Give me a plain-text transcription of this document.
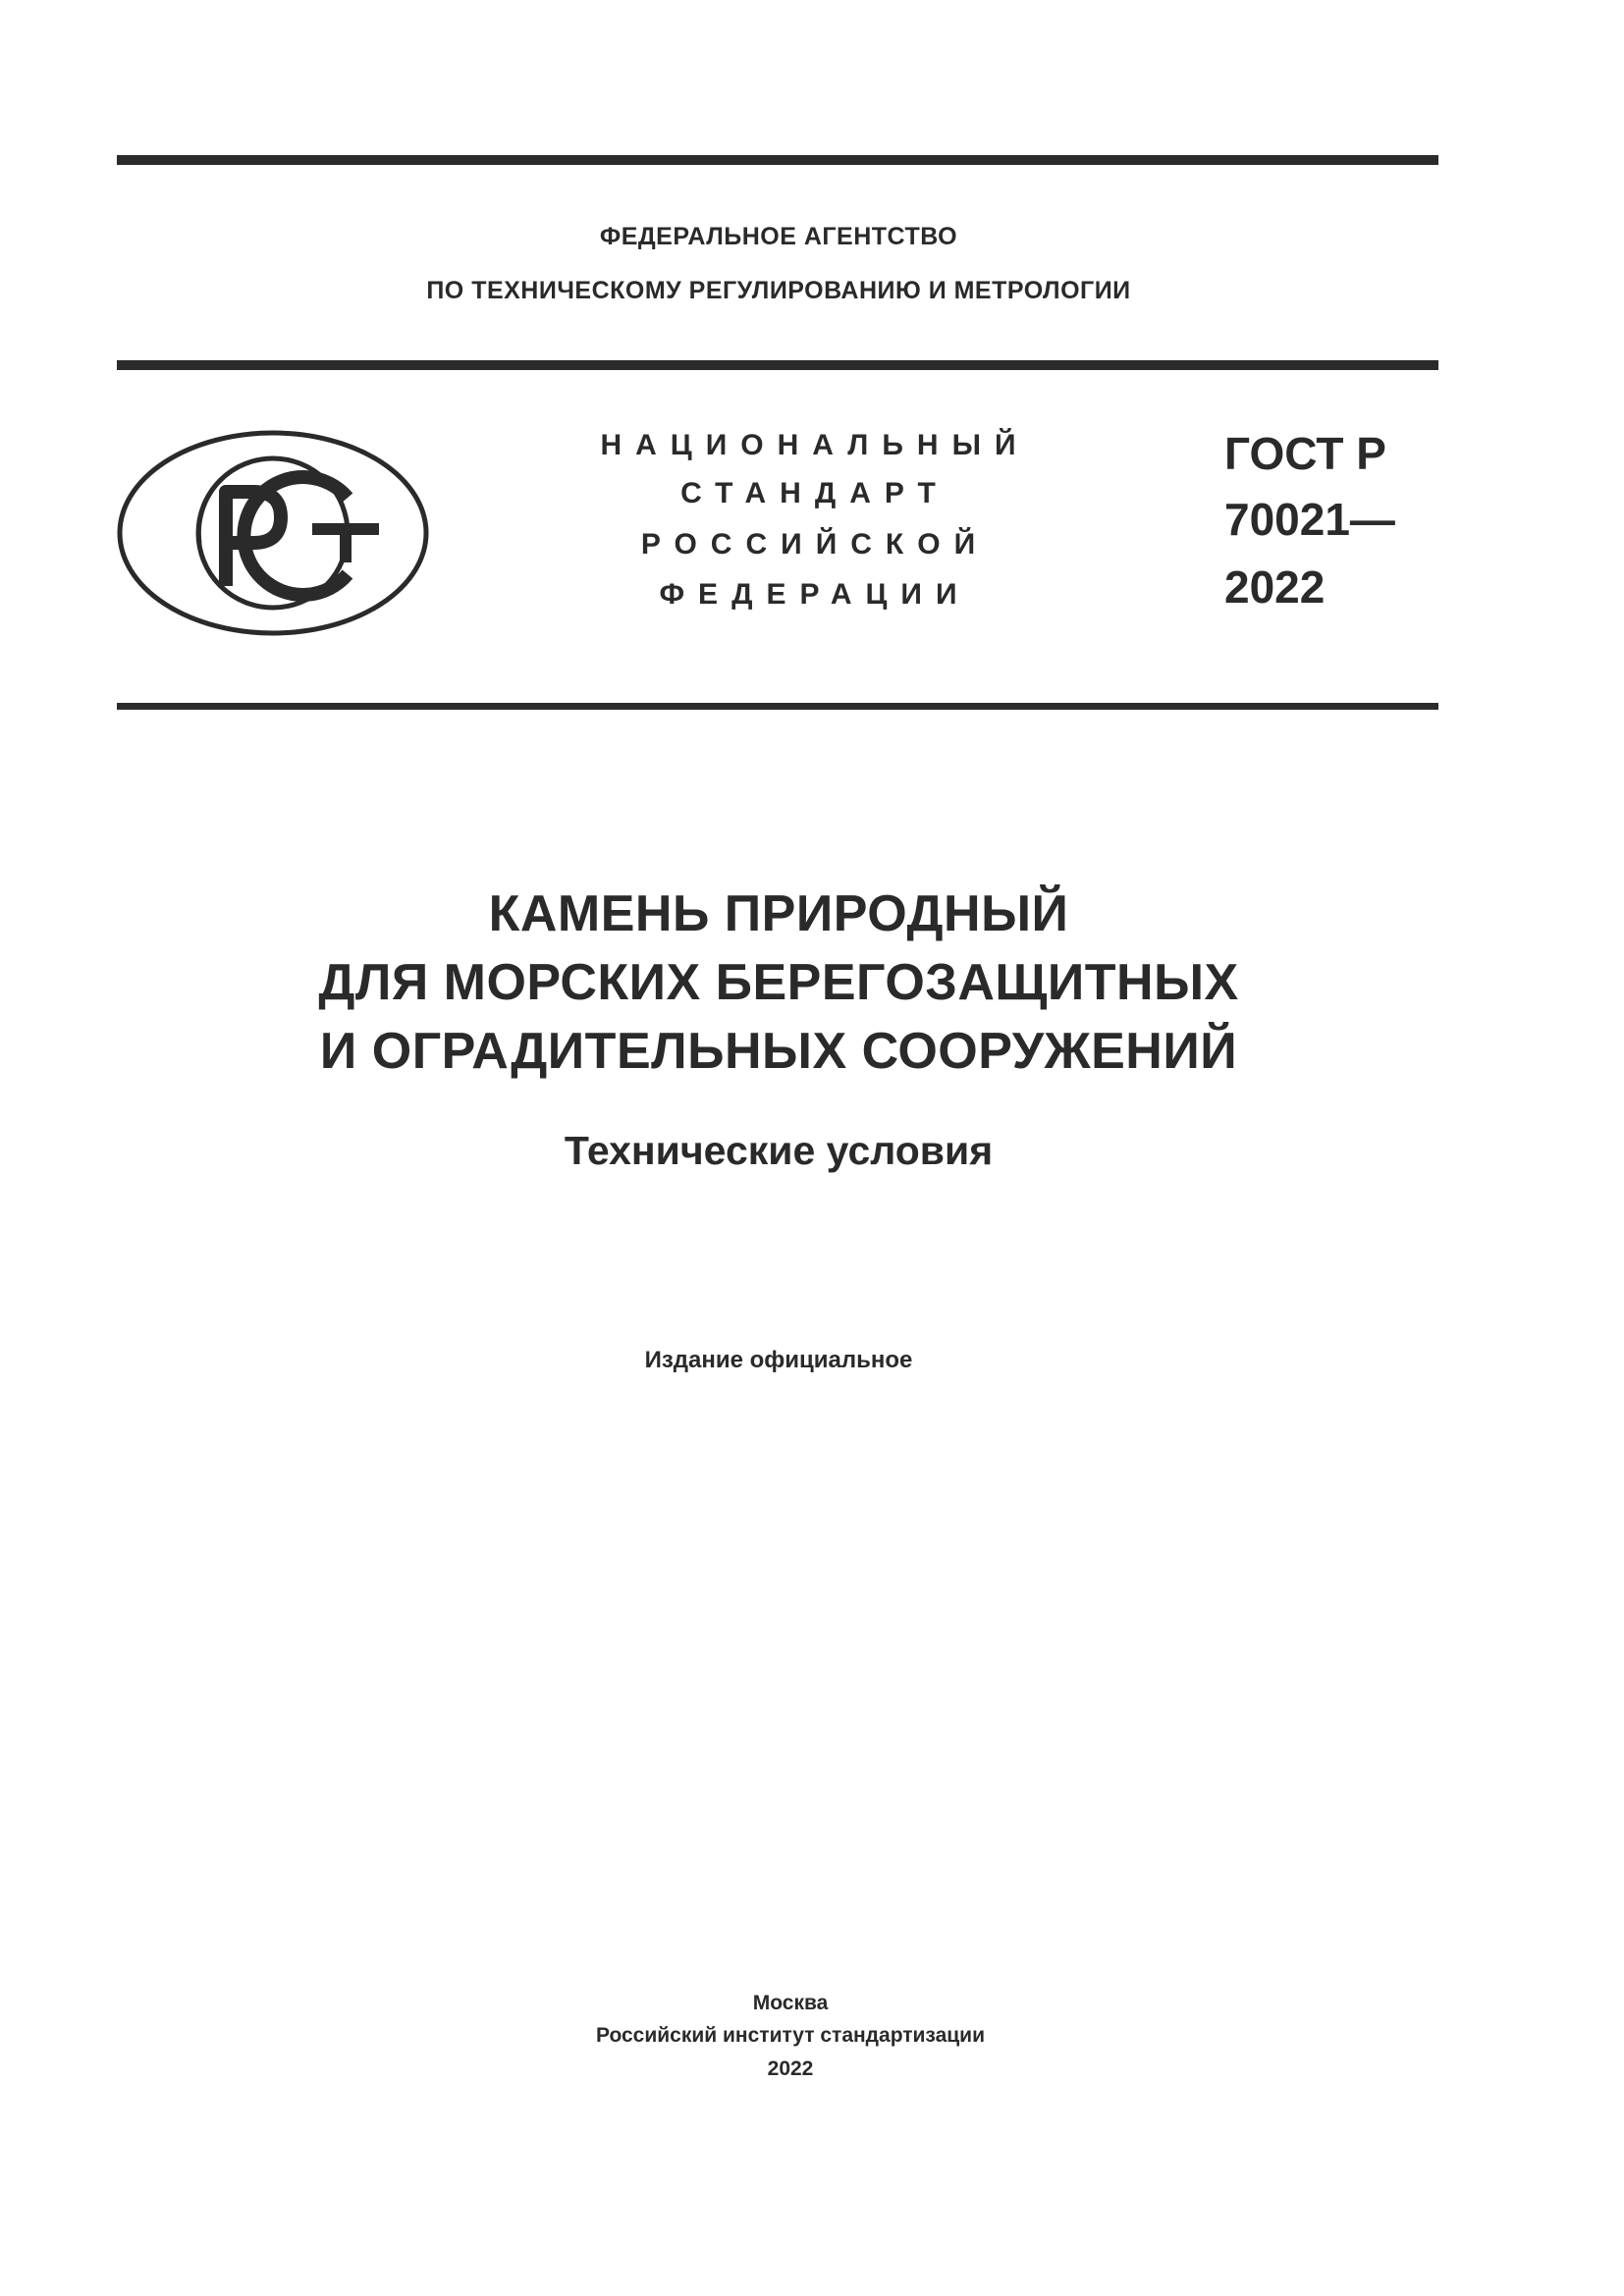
ФЕДЕРАЛЬНОЕ АГЕНТСТВО
ПО ТЕХНИЧЕСКОМУ РЕГУЛИРОВАНИЮ И МЕТРОЛОГИИ
НАЦИОНАЛЬНЫЙ
СТАНДАРТ
РОССИЙСКОЙ
ФЕДЕРАЦИИ
ГОСТ Р
70021—
2022
КАМЕНЬ ПРИРОДНЫЙ
ДЛЯ МОРСКИХ БЕРЕГОЗАЩИТНЫХ
И ОГРАДИТЕЛЬНЫХ СООРУЖЕНИЙ
Технические условия
Издание официальное
Москва
Российский институт стандартизации
2022
